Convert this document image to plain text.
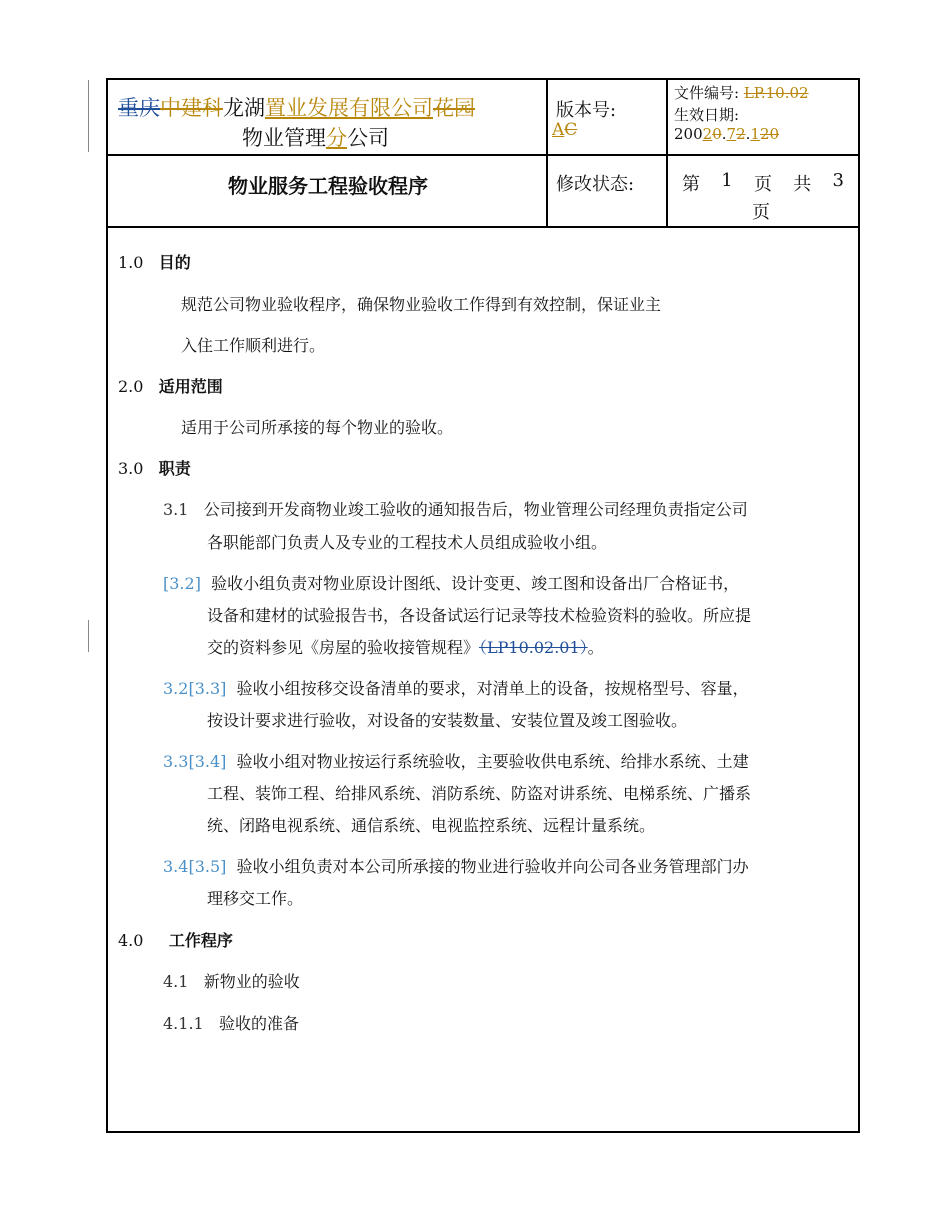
重庆中建科龙湖置业发展有限公司花园
物业管理分公司
版本号:
AC
文件编号: LP.10.02
生效日期:
20020.72.120
物业服务工程验收程序	修改状态:	第 1 页 共 3
页
1.0 目的
规范公司物业验收程序，确保物业验收工作得到有效控制，保证业主
入住工作顺利进行。
2.0 适用范围
适用于公司所承接的每个物业的验收。
3.0 职责
3.1 公司接到开发商物业竣工验收的通知报告后，物业管理公司经理负责指定公司
各职能部门负责人及专业的工程技术人员组成验收小组。
[3.2] 验收小组负责对物业原设计图纸、设计变更、竣工图和设备出厂合格证书，
设备和建材的试验报告书，各设备试运行记录等技术检验资料的验收。所应提
交的资料参见《房屋的验收接管规程》（LP10.02.01）。
3.2[3.3] 验收小组按移交设备清单的要求，对清单上的设备，按规格型号、容量，
按设计要求进行验收，对设备的安装数量、安装位置及竣工图验收。
3.3[3.4] 验收小组对物业按运行系统验收，主要验收供电系统、给排水系统、土建
工程、装饰工程、给排风系统、消防系统、防盗对讲系统、电梯系统、广播系
统、闭路电视系统、通信系统、电视监控系统、远程计量系统。
3.4[3.5] 验收小组负责对本公司所承接的物业进行验收并向公司各业务管理部门办
理移交工作。
4.0 工作程序
4.1 新物业的验收
4.1.1 验收的准备
